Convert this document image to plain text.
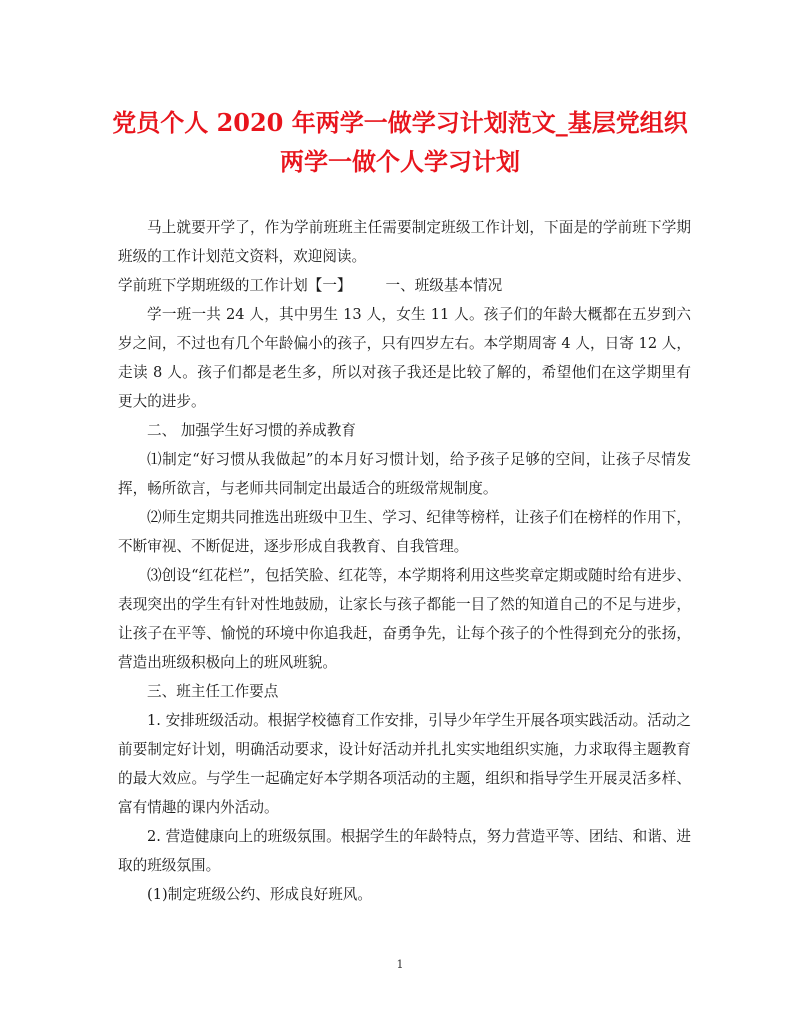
党员个人 2020 年两学一做学习计划范文_基层党组织
两学一做个人学习计划

马上就要开学了，作为学前班班主任需要制定班级工作计划，下面是的学前班下学期班级的工作计划范文资料，欢迎阅读。

学前班下学期班级的工作计划【一】 一、班级基本情况

学一班一共 24 人，其中男生 13 人，女生 11 人。孩子们的年龄大概都在五岁到六岁之间，不过也有几个年龄偏小的孩子，只有四岁左右。本学期周寄 4 人，日寄 12 人，走读 8 人。孩子们都是老生多，所以对孩子我还是比较了解的，希望他们在这学期里有更大的进步。

二、 加强学生好习惯的养成教育

⑴制定“好习惯从我做起”的本月好习惯计划，给予孩子足够的空间，让孩子尽情发挥，畅所欲言，与老师共同制定出最适合的班级常规制度。

⑵师生定期共同推选出班级中卫生、学习、纪律等榜样，让孩子们在榜样的作用下，不断审视、不断促进，逐步形成自我教育、自我管理。

⑶创设“红花栏”，包括笑脸、红花等，本学期将利用这些奖章定期或随时给有进步、表现突出的学生有针对性地鼓励，让家长与孩子都能一目了然的知道自己的不足与进步，让孩子在平等、愉悦的环境中你追我赶，奋勇争先，让每个孩子的个性得到充分的张扬，营造出班级积极向上的班风班貌。

三、班主任工作要点

1. 安排班级活动。根据学校德育工作安排，引导少年学生开展各项实践活动。活动之前要制定好计划，明确活动要求，设计好活动并扎扎实实地组织实施，力求取得主题教育的最大效应。与学生一起确定好本学期各项活动的主题，组织和指导学生开展灵活多样、富有情趣的课内外活动。

2. 营造健康向上的班级氛围。根据学生的年龄特点，努力营造平等、团结、和谐、进取的班级氛围。

(1)制定班级公约、形成良好班风。

1
